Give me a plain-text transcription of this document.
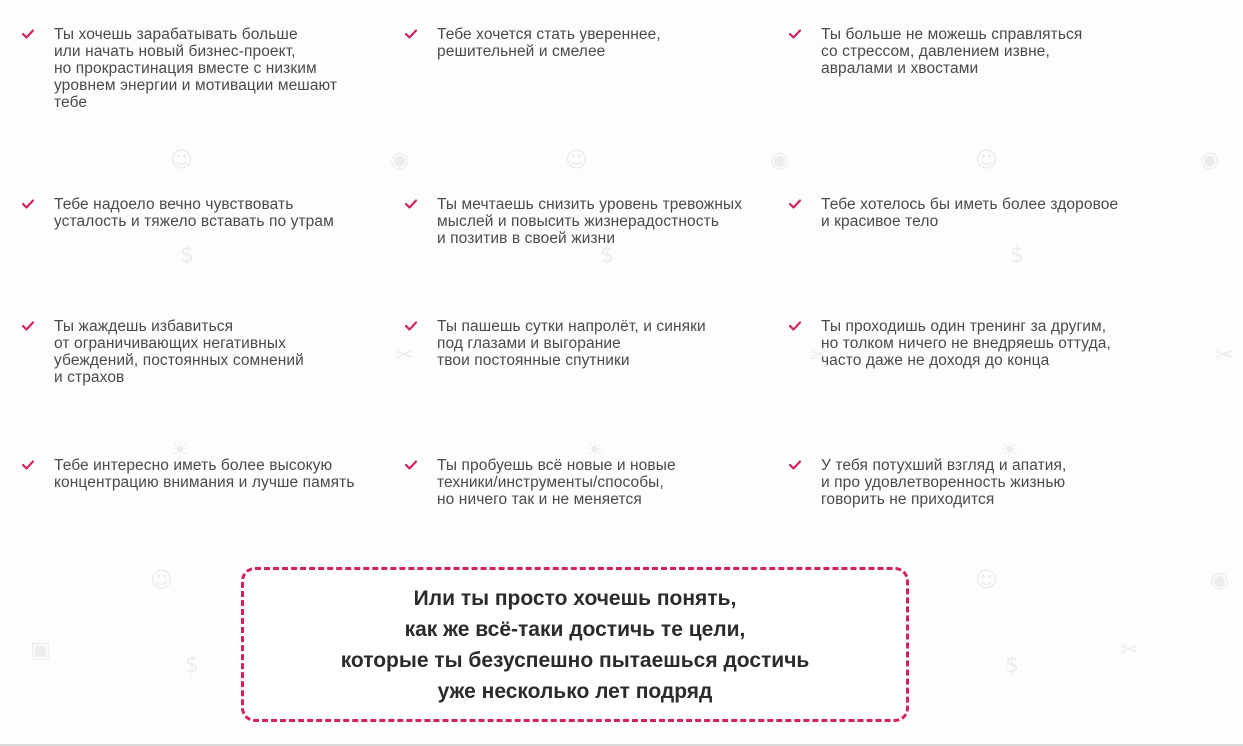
☺	◉	☺	◉	☺	◉
$	$	$
✂	✂	✂
☀	☀	☀
☺	☺	◉
$	$
▣	✂
Ты хочешь зарабатывать больше
или начать новый бизнес-проект,
но прокрастинация вместе с низким
уровнем энергии и мотивации мешают
тебе
Тебе хочется стать увереннее,
решительней и смелее
Ты больше не можешь справляться
со стрессом, давлением извне,
авралами и хвостами
Тебе надоело вечно чувствовать
усталость и тяжело вставать по утрам
Ты мечтаешь снизить уровень тревожных
мыслей и повысить жизнерадостность
и позитив в своей жизни
Тебе хотелось бы иметь более здоровое
и красивое тело
Ты жаждешь избавиться
от ограничивающих негативных
убеждений, постоянных сомнений
и страхов
Ты пашешь сутки напролёт, и синяки
под глазами и выгорание
твои постоянные спутники
Ты проходишь один тренинг за другим,
но толком ничего не внедряешь оттуда,
часто даже не доходя до конца
Тебе интересно иметь более высокую
концентрацию внимания и лучше память
Ты пробуешь всё новые и новые
техники/инструменты/способы,
но ничего так и не меняется
У тебя потухший взгляд и апатия,
и про удовлетворенность жизнью
говорить не приходится
Или ты просто хочешь понять,
как же всё-таки достичь те цели,
которые ты безуспешно пытаешься достичь
уже несколько лет подряд
